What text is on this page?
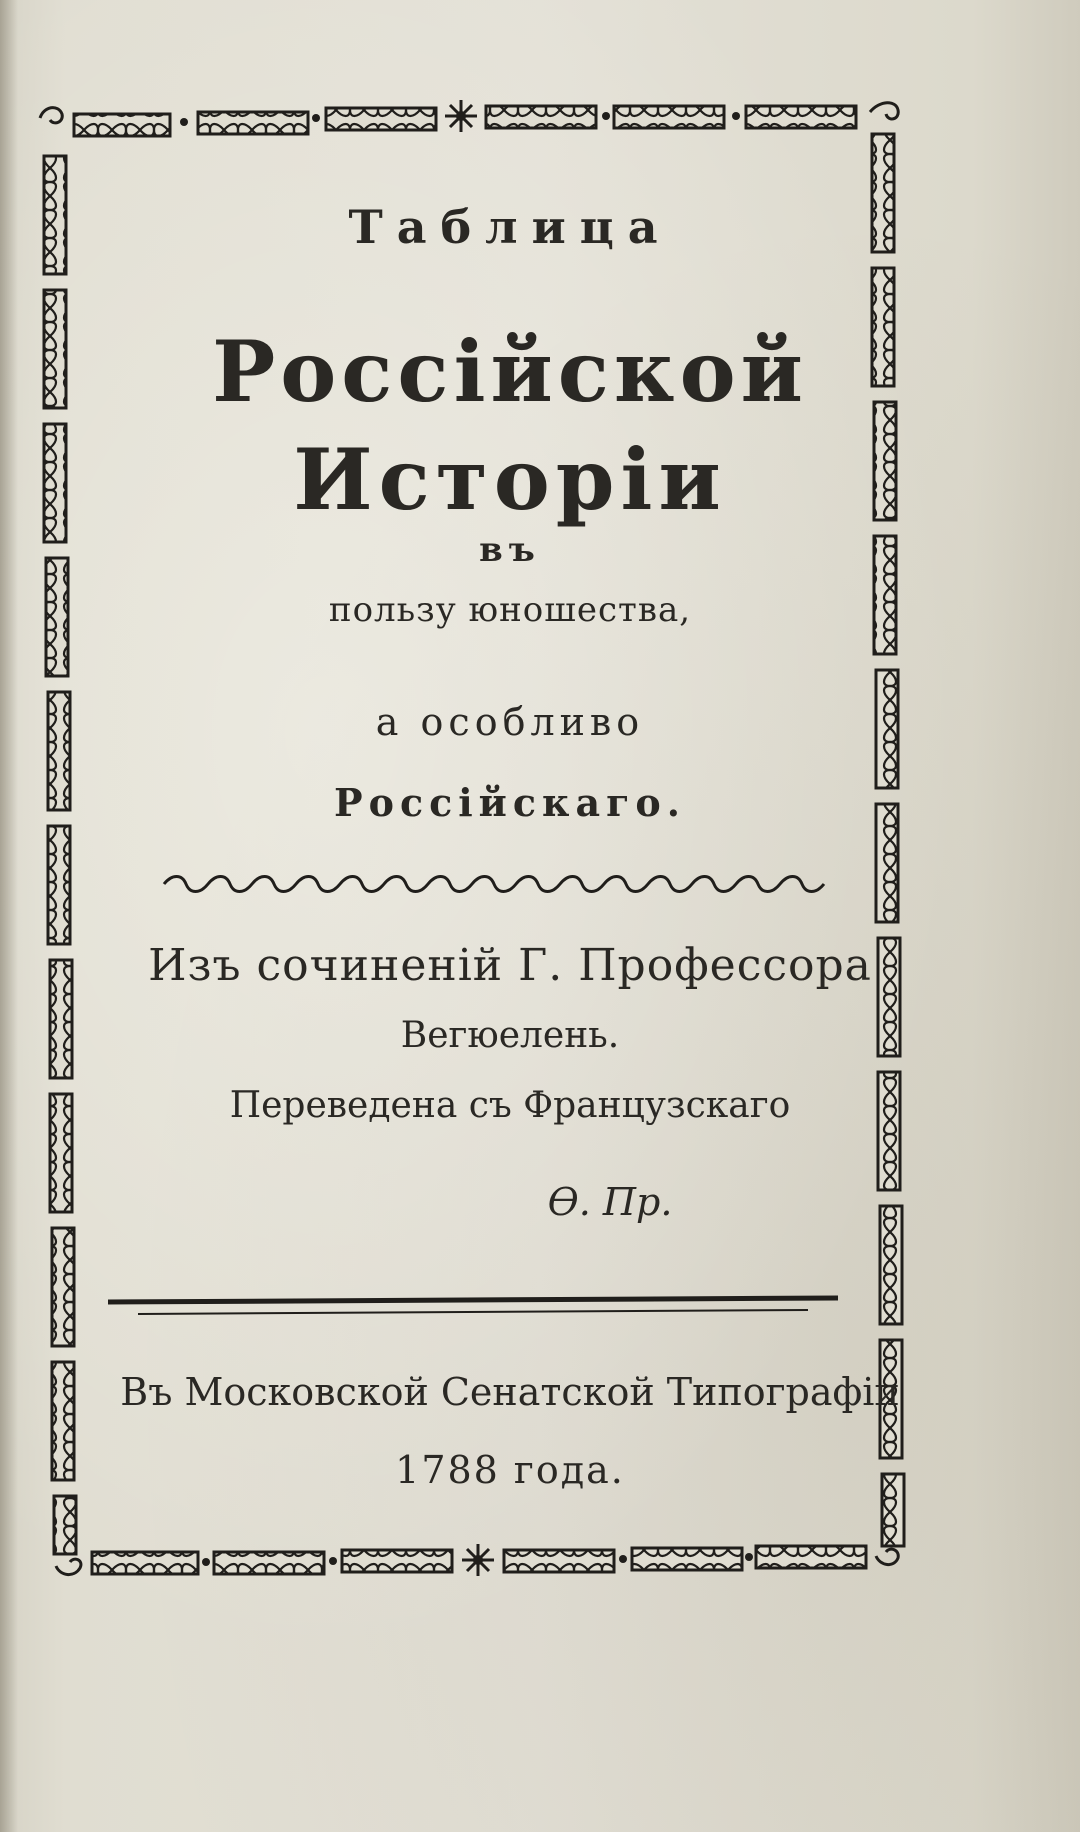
Таблица
Россiйской
Исторiи
въ
пользу юношества,
а особливо
Россiйскаго.
Изъ сочиненiй Г. Профессора
Вегюелень.
Переведена съ Французскаго
Ѳ. Пр.
Въ Московской Сенатской Типографiи
1788 года.
